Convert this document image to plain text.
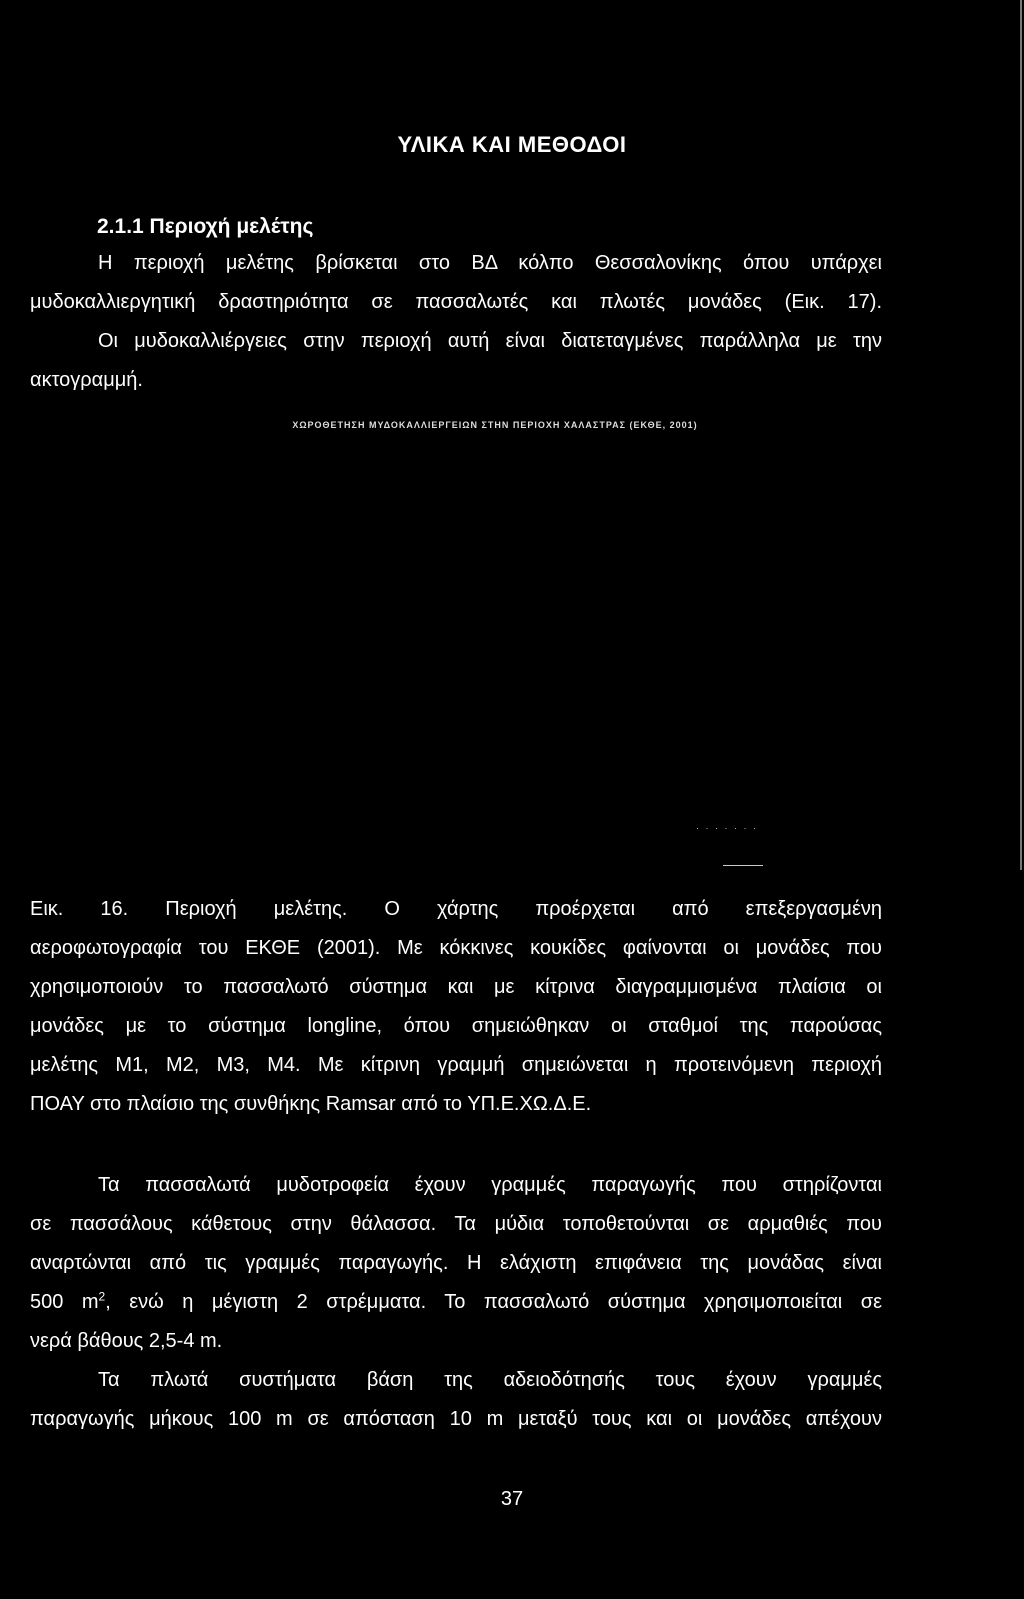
ΥΛΙΚΑ ΚΑΙ ΜΕΘΟΔΟΙ
2.1.1 Περιοχή μελέτης
Η περιοχή μελέτης βρίσκεται στο ΒΔ κόλπο Θεσσαλονίκης όπου υπάρχει
μυδοκαλλιεργητική δραστηριότητα σε πασσαλωτές και πλωτές μονάδες (Εικ. 17).
Οι μυδοκαλλιέργειες στην περιοχή αυτή είναι διατεταγμένες παράλληλα με την
ακτογραμμή.
ΧΩΡΟΘΕΤΗΣΗ ΜΥΔΟΚΑΛΛΙΕΡΓΕΙΩΝ ΣΤΗΝ ΠΕΡΙΟΧΗ ΧΑΛΑΣΤΡΑΣ (ΕΚΘΕ, 2001)
· · · · · · ·
Εικ. 16. Περιοχή μελέτης. Ο χάρτης προέρχεται από επεξεργασμένη
αεροφωτογραφία του ΕΚΘΕ (2001). Με κόκκινες κουκίδες φαίνονται οι μονάδες που
χρησιμοποιούν το πασσαλωτό σύστημα και με κίτρινα διαγραμμισμένα πλαίσια οι
μονάδες με το σύστημα longline, όπου σημειώθηκαν οι σταθμοί της παρούσας
μελέτης M1, M2, M3, M4. Με κίτρινη γραμμή σημειώνεται η προτεινόμενη περιοχή
ΠΟΑΥ στο πλαίσιο της συνθήκης Ramsar από το ΥΠ.Ε.ΧΩ.Δ.Ε.
Τα πασσαλωτά μυδοτροφεία έχουν γραμμές παραγωγής που στηρίζονται
σε πασσάλους κάθετους στην θάλασσα. Τα μύδια τοποθετούνται σε αρμαθιές που
αναρτώνται από τις γραμμές παραγωγής. Η ελάχιστη επιφάνεια της μονάδας είναι
500 $m^2$, ενώ η μέγιστη 2 στρέμματα. Το πασσαλωτό σύστημα χρησιμοποιείται σε
νερά βάθους 2,5-4 m.
Τα πλωτά συστήματα βάση της αδειοδότησής τους έχουν γραμμές
παραγωγής μήκους 100 m σε απόσταση 10 m μεταξύ τους και οι μονάδες απέχουν
37
